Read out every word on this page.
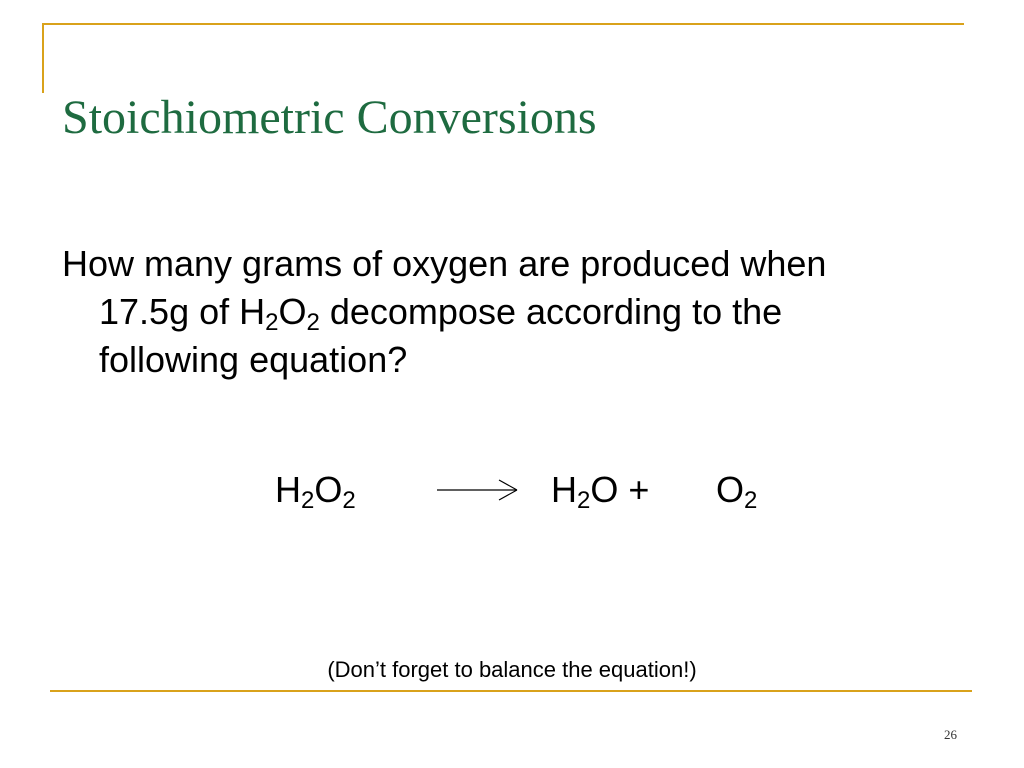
Stoichiometric Conversions
How many grams of oxygen are produced when
17.5g of $H_2O_2$ decompose according to the
following equation?
$H_2O_2$	$H_2O + O_2$
(Don’t forget to balance the equation!)
26
